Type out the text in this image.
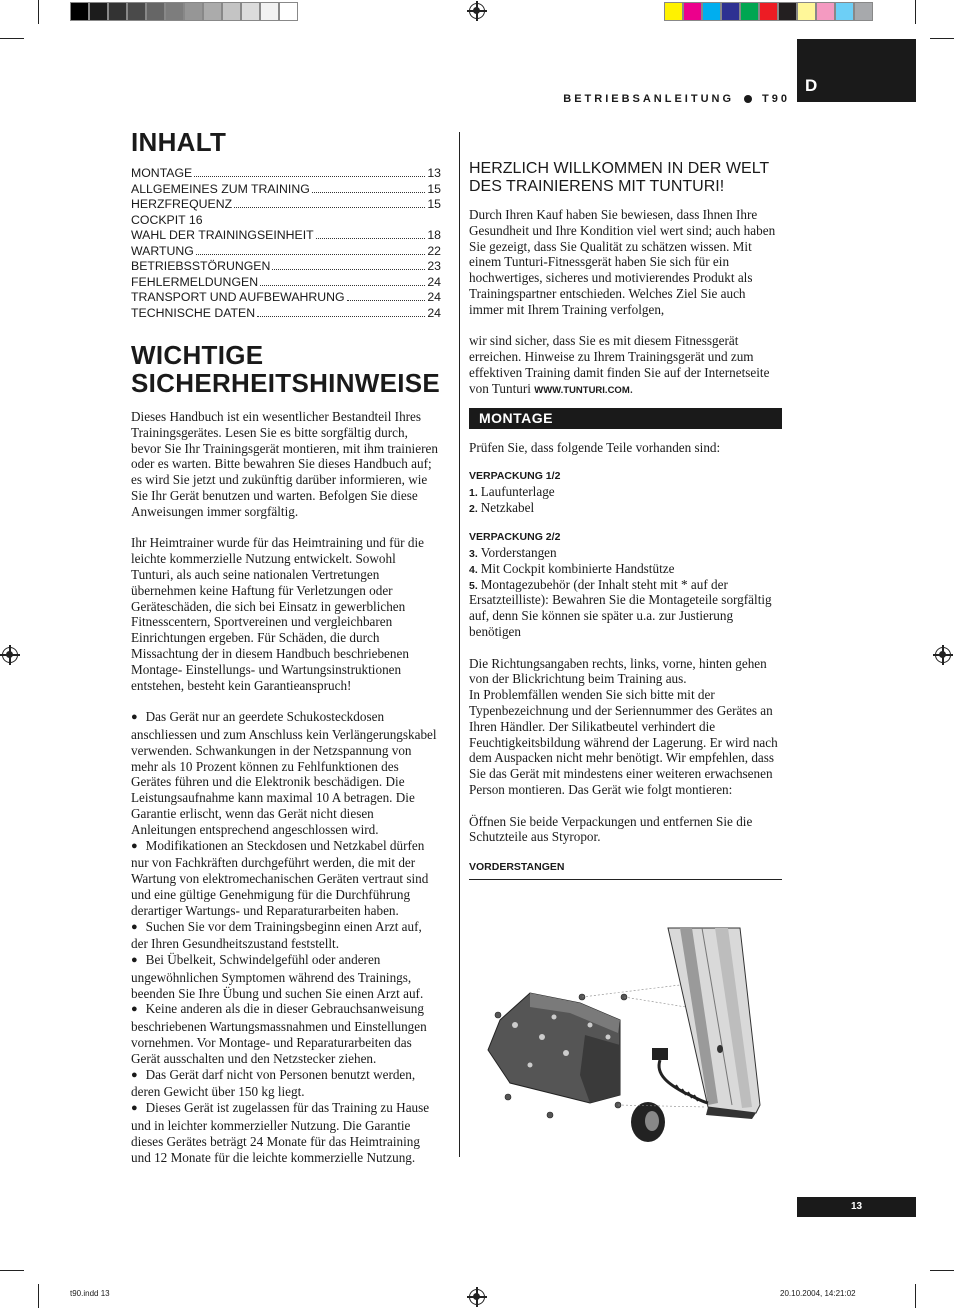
D
BETRIEBSANLEITUNG	T90
INHALT
MONTAGE	13
ALLGEMEINES ZUM TRAINING	15
HERZFREQUENZ	15
COCKPIT 16
WAHL DER TRAININGSEINHEIT	18
WARTUNG	22
BETRIEBSSTÖRUNGEN	23
FEHLERMELDUNGEN	24
TRANSPORT UND AUFBEWAHRUNG	24
TECHNISCHE DATEN	24
WICHTIGE
SICHERHEITSHINWEISE

Dieses Handbuch ist ein wesentlicher Bestandteil Ihres Trainingsgerätes. Lesen Sie es bitte sorgfältig durch, bevor Sie Ihr Trainingsgerät montieren, mit ihm trainieren oder es warten. Bitte bewahren Sie dieses Handbuch auf; es wird Sie jetzt und zukünftig darüber informieren, wie Sie Ihr Gerät benutzen und warten. Befolgen Sie diese Anweisungen immer sorgfältig.

Ihr Heimtrainer wurde für das Heimtraining und für die leichte kommerzielle Nutzung entwickelt. Sowohl Tunturi, als auch seine nationalen Vertretungen übernehmen keine Haftung für Verletzungen oder Geräteschäden, die sich bei Einsatz in gewerblichen Fitnesscentern, Sportvereinen und vergleichbaren Einrichtungen ergeben. Für Schäden, die durch Missachtung der in diesem Handbuch beschriebenen Montage- Einstellungs- und Wartungsinstruktionen entstehen, besteht kein Garantieanspruch!

● Das Gerät nur an geerdete Schukosteckdosen anschliessen und zum Anschluss kein Verlängerungskabel verwenden. Schwankungen in der Netzspannung von mehr als 10 Prozent können zu Fehlfunktionen des Gerätes führen und die Elektronik beschädigen. Die Leistungsaufnahme kann maximal 10 A betragen. Die Garantie erlischt, wenn das Gerät nicht diesen Anleitungen entsprechend angeschlossen wird.
● Modifikationen an Steckdosen und Netzkabel dürfen nur von Fachkräften durchgeführt werden, die mit der Wartung von elektromechanischen Geräten vertraut sind und eine gültige Genehmigung für die Durchführung derartiger Wartungs- und Reparaturarbeiten haben.
● Suchen Sie vor dem Trainingsbeginn einen Arzt auf, der Ihren Gesundheitszustand feststellt.
● Bei Übelkeit, Schwindelgefühl oder anderen ungewöhnlichen Symptomen während des Trainings, beenden Sie Ihre Übung und suchen Sie einen Arzt auf.
● Keine anderen als die in dieser Gebrauchsanweisung beschriebenen Wartungsmassnahmen und Einstellungen vornehmen. Vor Montage- und Reparaturarbeiten das Gerät ausschalten und den Netzstecker ziehen.
● Das Gerät darf nicht von Personen benutzt werden, deren Gewicht über 150 kg liegt.
● Dieses Gerät ist zugelassen für das Training zu Hause und in leichter kommerzieller Nutzung. Die Garantie dieses Gerätes beträgt 24 Monate für das Heimtraining und 12 Monate für die leichte kommerzielle Nutzung.
HERZLICH WILLKOMMEN IN DER WELT DES TRAINIERENS MIT TUNTURI!

Durch Ihren Kauf haben Sie bewiesen, dass Ihnen Ihre Gesundheit und Ihre Kondition viel wert sind; auch haben Sie gezeigt, dass Sie Qualität zu schätzen wissen. Mit einem Tunturi-Fitnessgerät haben Sie sich für ein hochwertiges, sicheres und motivierendes Produkt als Trainingspartner entschieden. Welches Ziel Sie auch immer mit Ihrem Training verfolgen,

wir sind sicher, dass Sie es mit diesem Fitnessgerät erreichen. Hinweise zu Ihrem Trainingsgerät und zum effektiven Training damit finden Sie auf der Internetseite von Tunturi WWW.TUNTURI.COM.

MONTAGE

Prüfen Sie, dass folgende Teile vorhanden sind:

VERPACKUNG 1/2
1. Laufunterlage
2. Netzkabel
VERPACKUNG 2/2
3. Vorderstangen
4. Mit Cockpit kombinierte Handstütze
5. Montagezubehör (der Inhalt steht mit * auf der Ersatzteilliste): Bewahren Sie die Montageteile sorgfältig auf, denn Sie können sie später u.a. zur Justierung benötigen

Die Richtungsangaben rechts, links, vorne, hinten gehen von der Blickrichtung beim Training aus.
In Problemfällen wenden Sie sich bitte mit der Typenbezeichnung und der Seriennummer des Gerätes an Ihren Händler. Der Silikatbeutel verhindert die Feuchtigkeitsbildung während der Lagerung. Er wird nach dem Auspacken nicht mehr benötigt. Wir empfehlen, dass Sie das Gerät mit mindestens einer weiteren erwachsenen Person montieren. Das Gerät wie folgt montieren:

Öffnen Sie beide Verpackungen und entfernen Sie die Schutzteile aus Styropor.

VORDERSTANGEN
13
t90.indd 13	20.10.2004, 14:21:02
